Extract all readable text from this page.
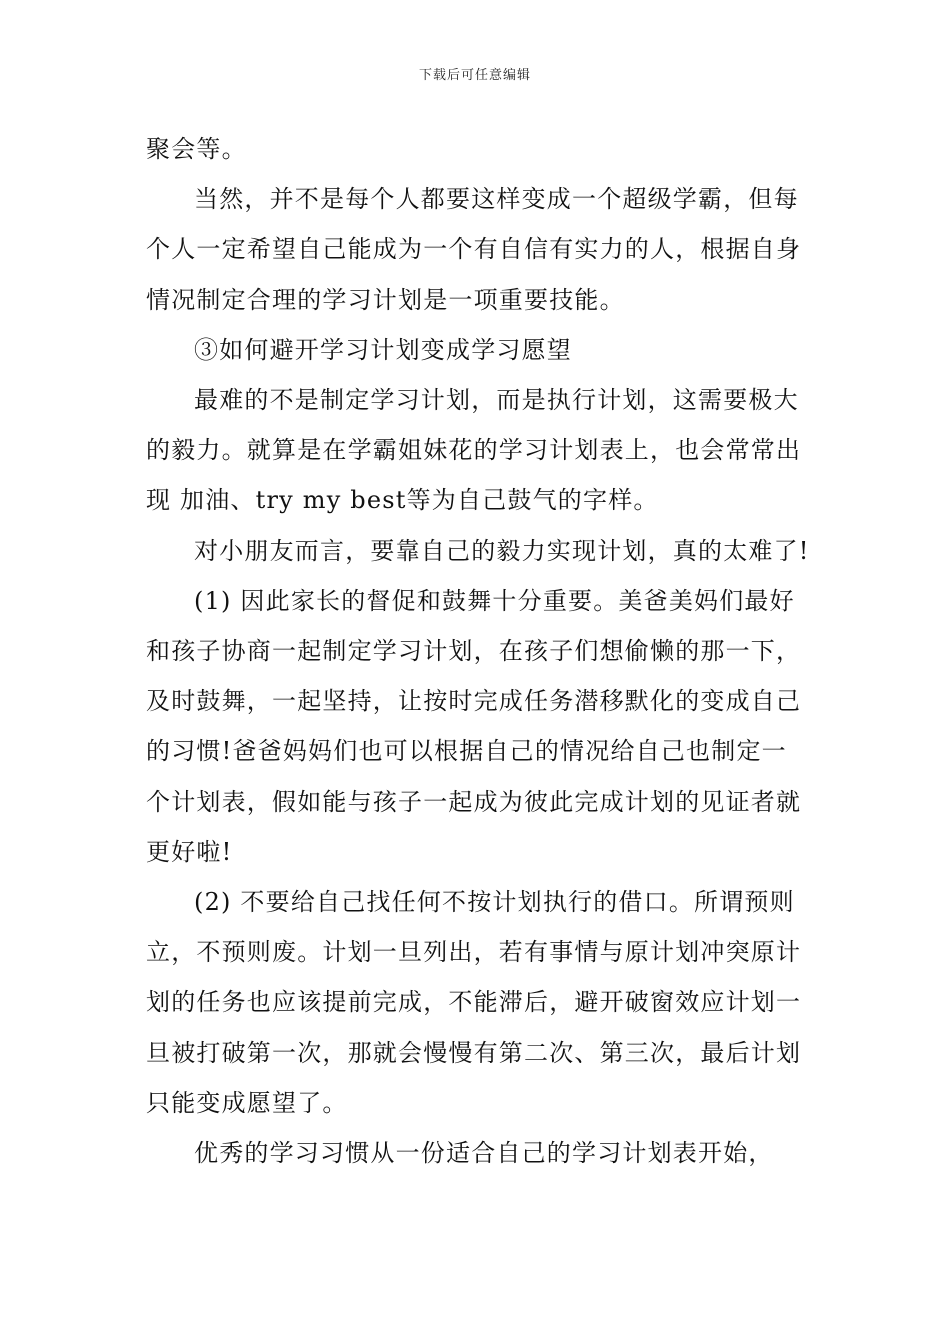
下载后可任意编辑

聚会等。

当然，并不是每个人都要这样变成一个超级学霸，但每个人一定希望自己能成为一个有自信有实力的人，根据自身情况制定合理的学习计划是一项重要技能。

③如何避开学习计划变成学习愿望

最难的不是制定学习计划，而是执行计划，这需要极大的毅力。就算是在学霸姐妹花的学习计划表上，也会常常出现 加油、try my best等为自己鼓气的字样。

对小朋友而言，要靠自己的毅力实现计划，真的太难了!

(1) 因此家长的督促和鼓舞十分重要。美爸美妈们最好和孩子协商一起制定学习计划，在孩子们想偷懒的那一下，及时鼓舞，一起坚持，让按时完成任务潜移默化的变成自己的习惯!爸爸妈妈们也可以根据自己的情况给自己也制定一个计划表，假如能与孩子一起成为彼此完成计划的见证者就更好啦!

(2) 不要给自己找任何不按计划执行的借口。所谓预则立，不预则废。计划一旦列出，若有事情与原计划冲突原计划的任务也应该提前完成，不能滞后，避开破窗效应计划一旦被打破第一次，那就会慢慢有第二次、第三次，最后计划只能变成愿望了。

优秀的学习习惯从一份适合自己的学习计划表开始，
